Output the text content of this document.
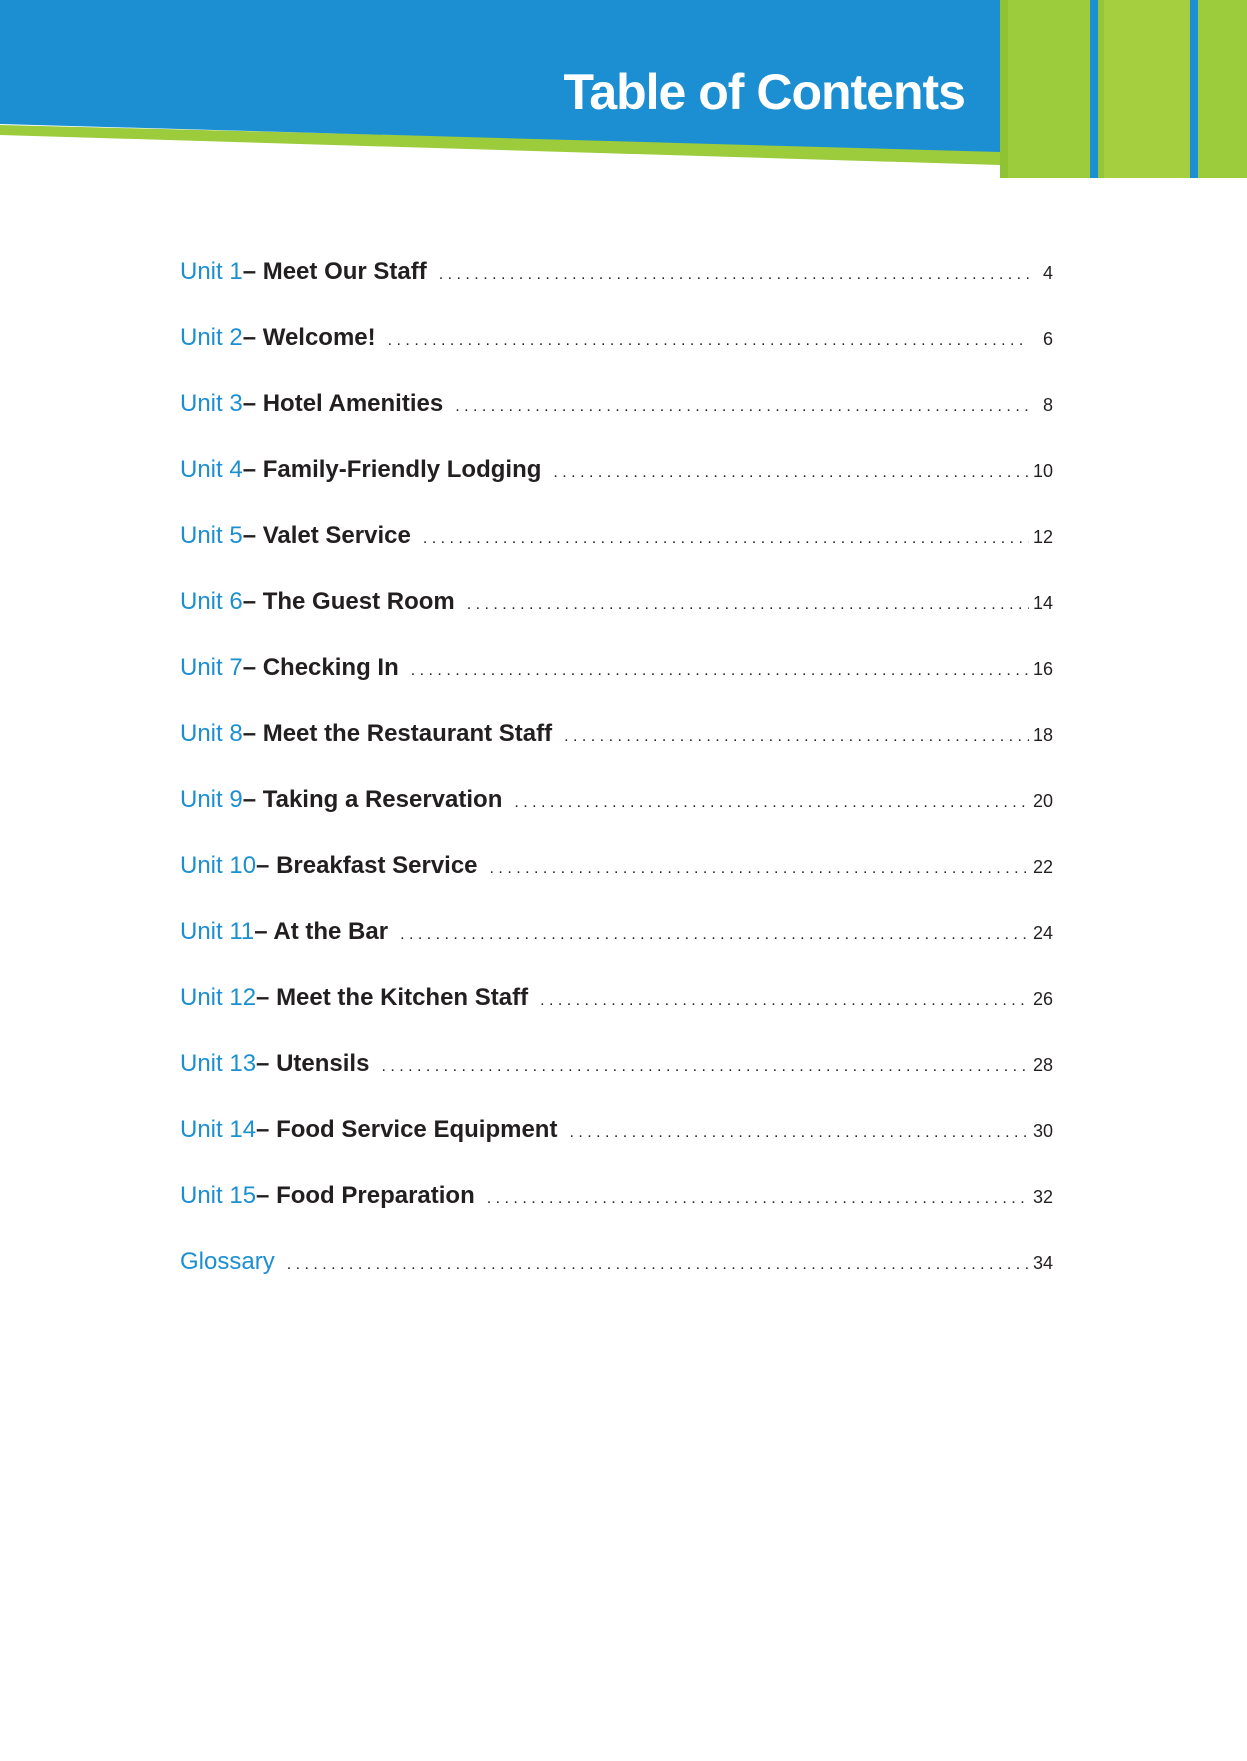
Table of Contents
Unit 1 – Meet Our Staff . . .	4
Unit 2 – Welcome! . . .	6
Unit 3 – Hotel Amenities . . .	8
Unit 4 – Family-Friendly Lodging . . .	10
Unit 5 – Valet Service . . .	12
Unit 6 – The Guest Room . . .	14
Unit 7 – Checking In . . .	16
Unit 8 – Meet the Restaurant Staff . . .	18
Unit 9 – Taking a Reservation . . .	20
Unit 10 – Breakfast Service . . .	22
Unit 11 – At the Bar . . .	24
Unit 12 – Meet the Kitchen Staff . . .	26
Unit 13 – Utensils . . .	28
Unit 14 – Food Service Equipment . . .	30
Unit 15 – Food Preparation . . .	32
Glossary . . .	34
